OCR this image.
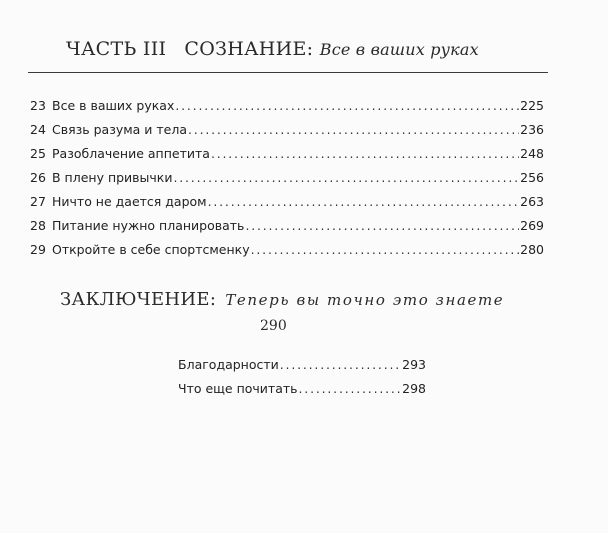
ЧАСТЬ III СОЗНАНИЕ: Все в ваших руках
23 Все в ваших руках .....	225
24 Связь разума и тела .....	236
25 Разоблачение аппетита .....	248
26 В плену привычки .....	256
27 Ничто не дается даром .....	263
28 Питание нужно планировать .....	269
29 Откройте в себе спортсменку .....	280
ЗАКЛЮЧЕНИЕ: Теперь вы точно это знаете
290
Благодарности .....	293
Что еще почитать .....	298
